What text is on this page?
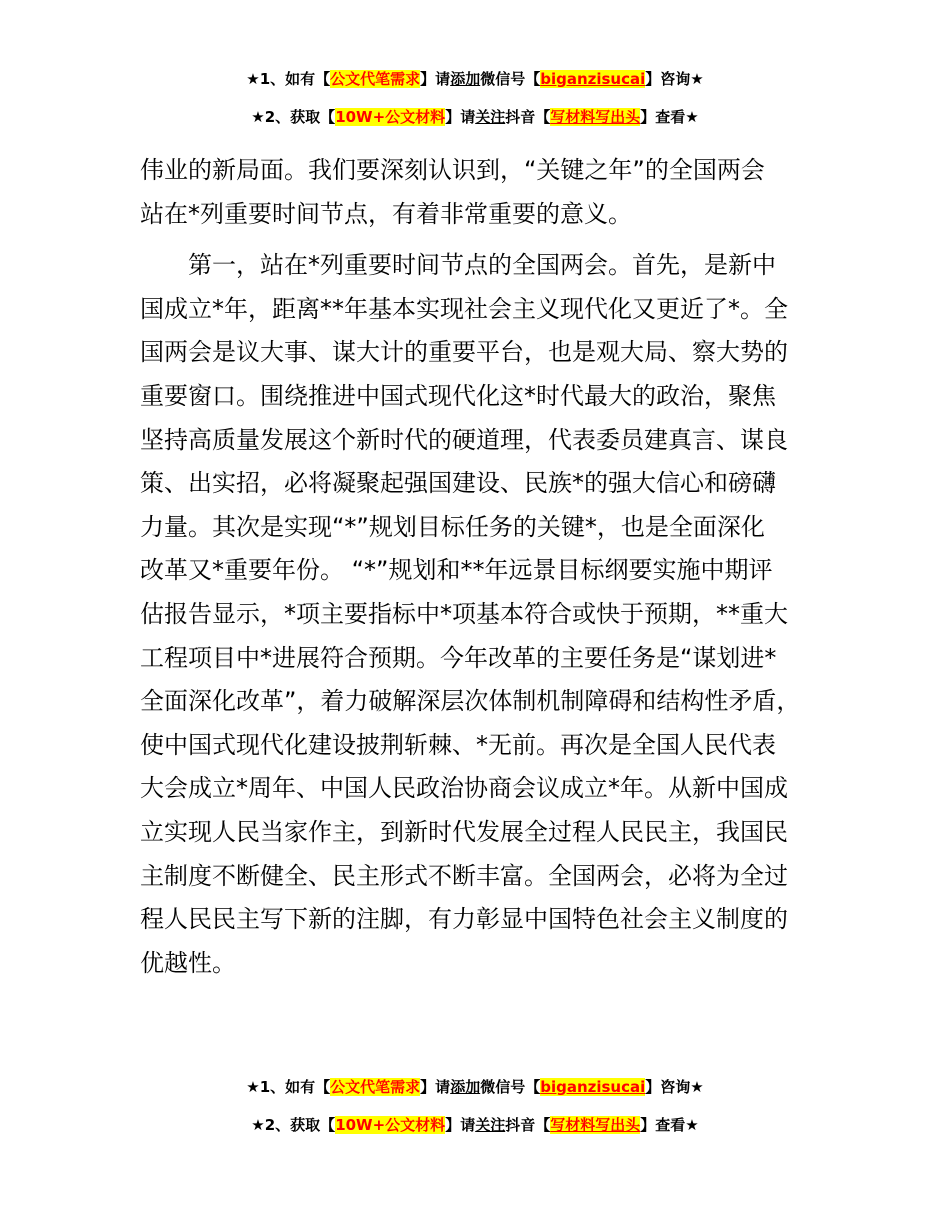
★1、如有【公文代笔需求】请添加微信号【biganzisucai】咨询★
★2、获取【10W+公文材料】请关注抖音【写材料写出头】查看★

伟业的新局面。我们要深刻认识到，“关键之年”的全国两会
站在*列重要时间节点，有着非常重要的意义。

第一，站在*列重要时间节点的全国两会。首先，是新中
国成立*年，距离**年基本实现社会主义现代化又更近了*。全
国两会是议大事、谋大计的重要平台，也是观大局、察大势的
重要窗口。围绕推进中国式现代化这*时代最大的政治，聚焦
坚持高质量发展这个新时代的硬道理，代表委员建真言、谋良
策、出实招，必将凝聚起强国建设、民族*的强大信心和磅礴
力量。其次是实现“*”规划目标任务的关键*，也是全面深化
改革又*重要年份。 “*”规划和**年远景目标纲要实施中期评
估报告显示，*项主要指标中*项基本符合或快于预期，**重大
工程项目中*进展符合预期。今年改革的主要任务是“谋划进*
全面深化改革”，着力破解深层次体制机制障碍和结构性矛盾，
使中国式现代化建设披荆斩棘、*无前。再次是全国人民代表
大会成立*周年、中国人民政治协商会议成立*年。从新中国成
立实现人民当家作主，到新时代发展全过程人民民主，我国民
主制度不断健全、民主形式不断丰富。全国两会，必将为全过
程人民民主写下新的注脚，有力彰显中国特色社会主义制度的
优越性。

★1、如有【公文代笔需求】请添加微信号【biganzisucai】咨询★
★2、获取【10W+公文材料】请关注抖音【写材料写出头】查看★
